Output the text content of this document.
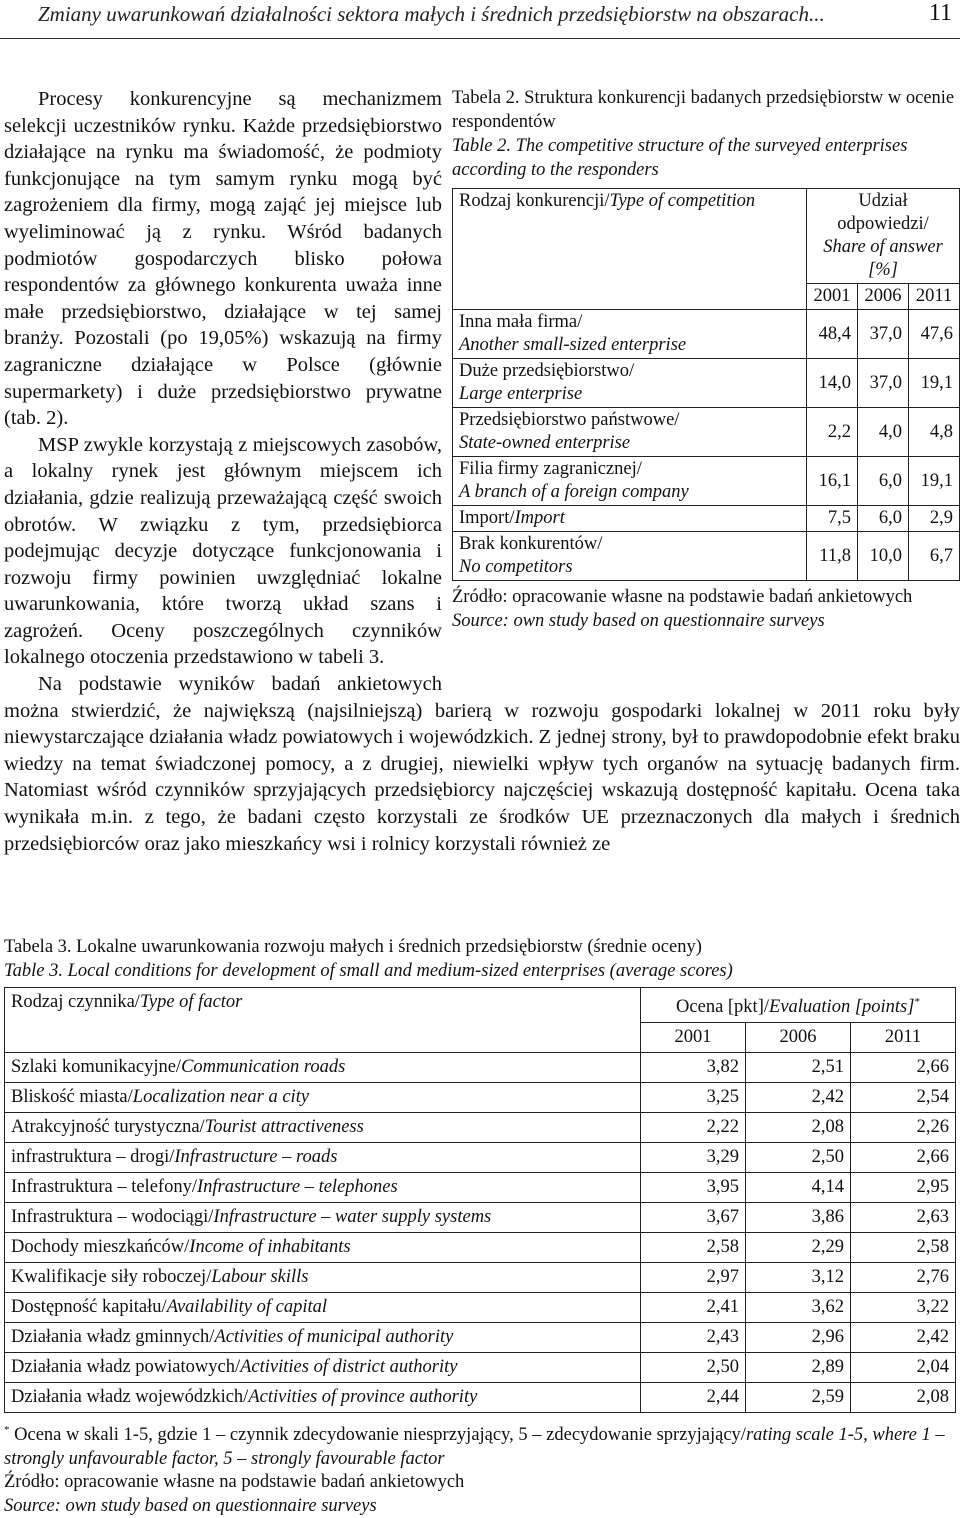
Zmiany uwarunkowań działalności sektora małych i średnich przedsiębiorstw na obszarach...	11
Tabela 2. Struktura konkurencji badanych przedsiębiorstw w ocenie respondentów
Table 2. The competitive structure of the surveyed enterprises according to the responders
Rodzaj konkurencji/Type of competition	Udział odpowiedzi/
Share of answer [%]		
	2001	2006	2011
Inna mała firma/
Another small-sized enterprise	48,4	37,0	47,6
Duże przedsiębiorstwo/
Large enterprise	14,0	37,0	19,1
Przedsiębiorstwo państwowe/
State-owned enterprise	2,2	4,0	4,8
Filia firmy zagranicznej/
A branch of a foreign company	16,1	6,0	19,1
Import/Import	7,5	6,0	2,9
Brak konkurentów/
No competitors	11,8	10,0	6,7
Źródło: opracowanie własne na podstawie badań ankietowych
Source: own study based on questionnaire surveys

Procesy konkurencyjne są mechanizmem selekcji uczestników rynku. Każde przedsiębiorstwo działające na rynku ma świadomość, że podmioty funkcjonujące na tym samym rynku mogą być zagrożeniem dla firmy, mogą zająć jej miejsce lub wyeliminować ją z rynku. Wśród badanych podmiotów gospodarczych blisko połowa respondentów za głównego konkurenta uważa inne małe przedsiębiorstwo, działające w tej samej branży. Pozostali (po 19,05%) wskazują na firmy zagraniczne działające w Polsce (głównie supermarkety) i duże przedsiębiorstwo prywatne (tab. 2).

MSP zwykle korzystają z miejscowych zasobów, a lokalny rynek jest głównym miejscem ich działania, gdzie realizują przeważającą część swoich obrotów. W związku z tym, przedsiębiorca podejmując decyzje dotyczące funkcjonowania i rozwoju firmy powinien uwzględniać lokalne uwarunkowania, które tworzą układ szans i zagrożeń. Oceny poszczególnych czynników lokalnego otoczenia przedstawiono w tabeli 3.

Na podstawie wyników badań ankietowych można stwierdzić, że największą (najsilniejszą) barierą w rozwoju gospodarki lokalnej w 2011 roku były niewystarczające działania władz powiatowych i wojewódzkich. Z jednej strony, był to prawdopodobnie efekt braku wiedzy na temat świadczonej pomocy, a z drugiej, niewielki wpływ tych organów na sytuację badanych firm. Natomiast wśród czynników sprzyjających przedsiębiorcy najczęściej wskazują dostępność kapitału. Ocena taka wynikała m.in. z tego, że badani często korzystali ze środków UE przeznaczonych dla małych i średnich przedsiębiorców oraz jako mieszkańcy wsi i rolnicy korzystali również ze

Tabela 3. Lokalne uwarunkowania rozwoju małych i średnich przedsiębiorstw (średnie oceny)
Table 3. Local conditions for development of small and medium-sized enterprises (average scores)
Rodzaj czynnika/Type of factor	Ocena [pkt]/Evaluation [points]*
	2001	2006	2011
Szlaki komunikacyjne/Communication roads	3,82	2,51	2,66
Bliskość miasta/Localization near a city	3,25	2,42	2,54
Atrakcyjność turystyczna/Tourist attractiveness	2,22	2,08	2,26
infrastruktura – drogi/Infrastructure – roads	3,29	2,50	2,66
Infrastruktura – telefony/Infrastructure – telephones	3,95	4,14	2,95
Infrastruktura – wodociągi/Infrastructure – water supply systems	3,67	3,86	2,63
Dochody mieszkańców/Income of inhabitants	2,58	2,29	2,58
Kwalifikacje siły roboczej/Labour skills	2,97	3,12	2,76
Dostępność kapitału/Availability of capital	2,41	3,62	3,22
Działania władz gminnych/Activities of municipal authority	2,43	2,96	2,42
Działania władz powiatowych/Activities of district authority	2,50	2,89	2,04
Działania władz wojewódzkich/Activities of province authority	2,44	2,59	2,08
* Ocena w skali 1-5, gdzie 1 – czynnik zdecydowanie niesprzyjający, 5 – zdecydowanie sprzyjający/rating scale 1-5, where 1 – strongly unfavourable factor, 5 – strongly favourable factor
Źródło: opracowanie własne na podstawie badań ankietowych
Source: own study based on questionnaire surveys
